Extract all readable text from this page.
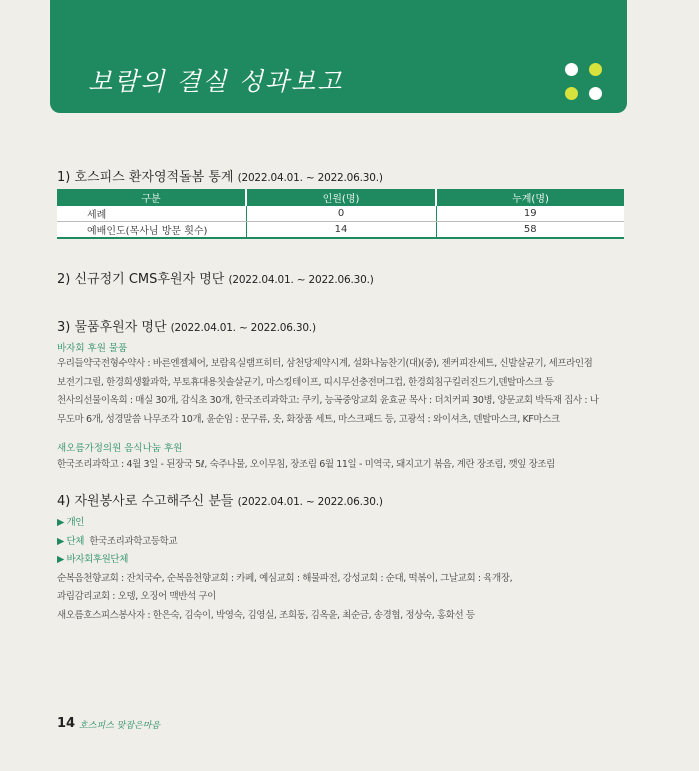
보람의 결실 성과보고
1) 호스피스 환자영적돌봄 통계 (2022.04.01. ~ 2022.06.30.)
구분	인원(명)	누계(명)
세례	0	19
예배인도(목사님 방문 횟수)	14	58
2) 신규정기 CMS후원자 명단 (2022.04.01. ~ 2022.06.30.)
3) 물품후원자 명단 (2022.04.01. ~ 2022.06.30.)
바자회 후원 물품
우리들약국전형수약사 : 바른엔젤체어, 보람육실램프히터, 삼천당제약시계, 설화나눔찬기(대)(중), 젠커피잔세트, 신발살균기, 세프라인점
보전기그릴, 한경희생활과학, 부토휴대용칫솔살균기, 마스킹테이프, 띠시무선충전머그컵, 한경희침구킬러진드기,덴탈마스크 등
천사의선물이옥희 : 매실 30개, 감식초 30개, 한국조리과학고: 쿠키, 능곡중앙교회 윤효균 목사 : 더치커피 30병, 양문교회 박득재 집사 : 나
무도마 6개, 성경말씀 나무조각 10개, 윤순임 : 문구류, 옷, 화장품 세트, 마스크패드 등, 고광석 : 와이셔츠, 덴탈마스크, KF마스크
새오름가정의원 음식나눔 후원
한국조리과학고 : 4월 3일 - 된장국 5ℓ, 숙주나물, 오이무침, 장조림 6월 11일 - 미역국, 돼지고기 볶음, 계란 장조림, 깻잎 장조림
4) 자원봉사로 수고해주신 분들 (2022.04.01. ~ 2022.06.30.)
▶ 개인
▶ 단체 한국조리과학고등학교
▶ 바자회후원단체
순복음천향교회 : 잔치국수, 순복음천향교회 : 카페, 예심교회 : 해물파전, 강성교회 : 순대, 떡볶이, 그날교회 : 육개장,
과림감리교회 : 오뎅, 오징어 맥반석 구이
새오름호스피스봉사자 : 한은숙, 김숙이, 박영숙, 김영실, 조희동, 김옥윤, 최순금, 송경협, 정상숙, 홍화선 등
14 호스피스 맞잡은마음
